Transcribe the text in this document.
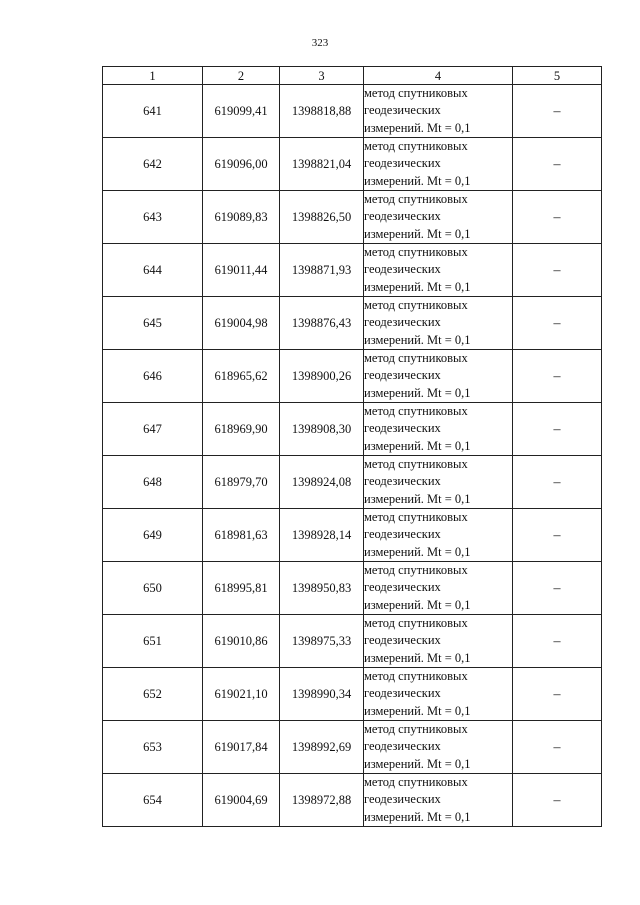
323
1	2	3	4	5
641	619099,41	1398818,88	метод спутниковых
геодезических
измерений. Mt = 0,1	–
642	619096,00	1398821,04	метод спутниковых
геодезических
измерений. Mt = 0,1	–
643	619089,83	1398826,50	метод спутниковых
геодезических
измерений. Mt = 0,1	–
644	619011,44	1398871,93	метод спутниковых
геодезических
измерений. Mt = 0,1	–
645	619004,98	1398876,43	метод спутниковых
геодезических
измерений. Mt = 0,1	–
646	618965,62	1398900,26	метод спутниковых
геодезических
измерений. Mt = 0,1	–
647	618969,90	1398908,30	метод спутниковых
геодезических
измерений. Mt = 0,1	–
648	618979,70	1398924,08	метод спутниковых
геодезических
измерений. Mt = 0,1	–
649	618981,63	1398928,14	метод спутниковых
геодезических
измерений. Mt = 0,1	–
650	618995,81	1398950,83	метод спутниковых
геодезических
измерений. Mt = 0,1	–
651	619010,86	1398975,33	метод спутниковых
геодезических
измерений. Mt = 0,1	–
652	619021,10	1398990,34	метод спутниковых
геодезических
измерений. Mt = 0,1	–
653	619017,84	1398992,69	метод спутниковых
геодезических
измерений. Mt = 0,1	–
654	619004,69	1398972,88	метод спутниковых
геодезических
измерений. Mt = 0,1	–
